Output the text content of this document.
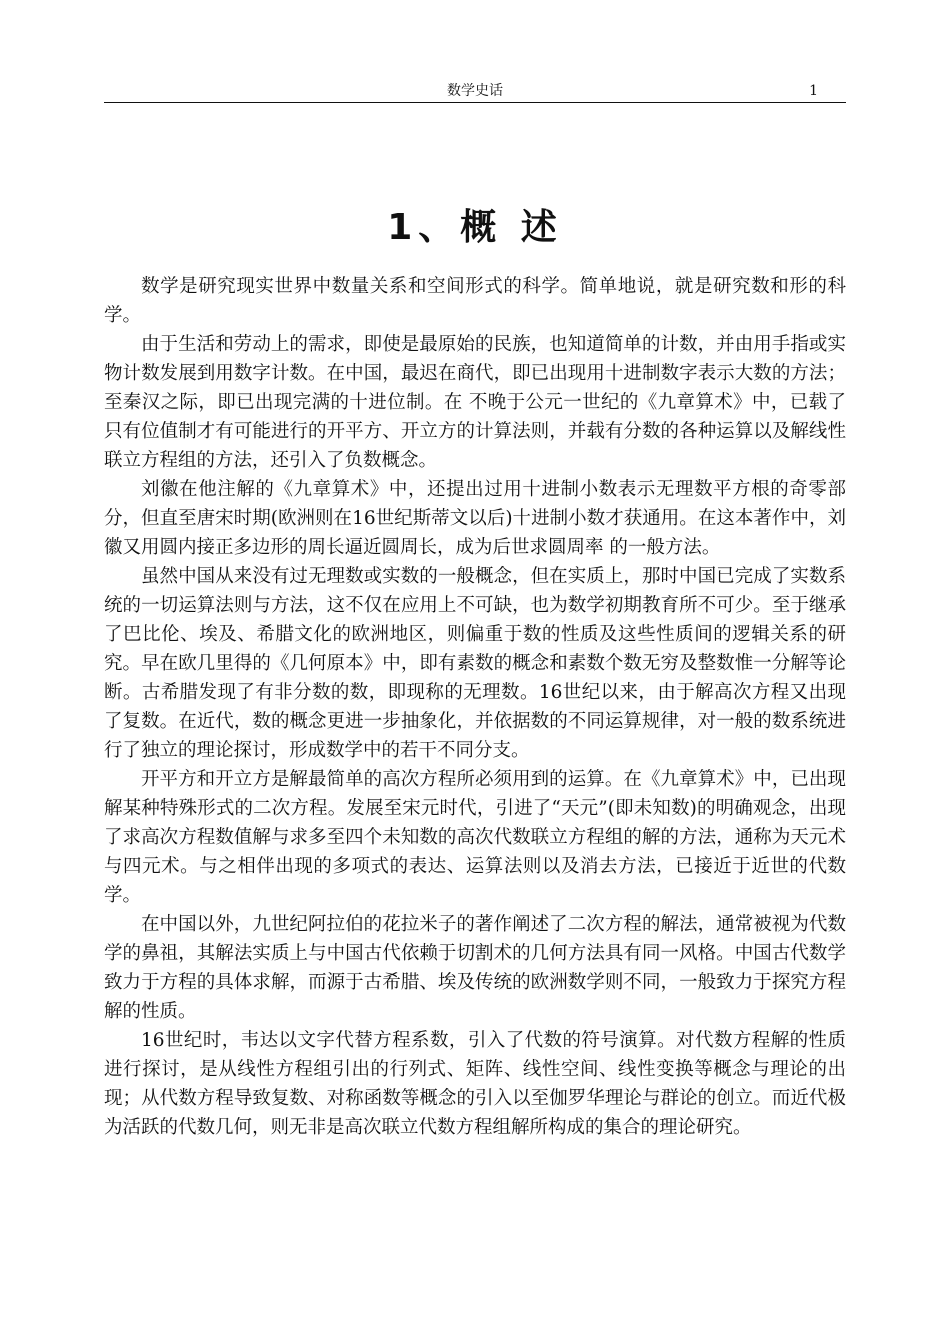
数学史话	1
1、概 述

数学是研究现实世界中数量关系和空间形式的科学。简单地说，就是研究数和形的科学。

由于生活和劳动上的需求，即使是最原始的民族，也知道简单的计数，并由用手指或实物计数发展到用数字计数。在中国，最迟在商代，即已出现用十进制数字表示大数的方法；至秦汉之际，即已出现完满的十进位制。在 不晚于公元一世纪的《九章算术》中，已载了只有位值制才有可能进行的开平方、开立方的计算法则，并载有分数的各种运算以及解线性联立方程组的方法，还引入了负数概念。

刘徽在他注解的《九章算术》中，还提出过用十进制小数表示无理数平方根的奇零部分，但直至唐宋时期(欧洲则在16世纪斯蒂文以后)十进制小数才获通用。在这本著作中，刘徽又用圆内接正多边形的周长逼近圆周长，成为后世求圆周率 的一般方法。

虽然中国从来没有过无理数或实数的一般概念，但在实质上，那时中国已完成了实数系统的一切运算法则与方法，这不仅在应用上不可缺，也为数学初期教育所不可少。至于继承了巴比伦、埃及、希腊文化的欧洲地区，则偏重于数的性质及这些性质间的逻辑关系的研究。早在欧几里得的《几何原本》中，即有素数的概念和素数个数无穷及整数惟一分解等论断。古希腊发现了有非分数的数，即现称的无理数。16世纪以来，由于解高次方程又出现了复数。在近代，数的概念更进一步抽象化，并依据数的不同运算规律，对一般的数系统进行了独立的理论探讨，形成数学中的若干不同分支。

开平方和开立方是解最简单的高次方程所必须用到的运算。在《九章算术》中，已出现解某种特殊形式的二次方程。发展至宋元时代，引进了“天元”(即未知数)的明确观念，出现了求高次方程数值解与求多至四个未知数的高次代数联立方程组的解的方法，通称为天元术与四元术。与之相伴出现的多项式的表达、运算法则以及消去方法，已接近于近世的代数学。

在中国以外，九世纪阿拉伯的花拉米子的著作阐述了二次方程的解法，通常被视为代数学的鼻祖，其解法实质上与中国古代依赖于切割术的几何方法具有同一风格。中国古代数学致力于方程的具体求解，而源于古希腊、埃及传统的欧洲数学则不同，一般致力于探究方程解的性质。

16世纪时，韦达以文字代替方程系数，引入了代数的符号演算。对代数方程解的性质进行探讨，是从线性方程组引出的行列式、矩阵、线性空间、线性变换等概念与理论的出现；从代数方程导致复数、对称函数等概念的引入以至伽罗华理论与群论的创立。而近代极为活跃的代数几何，则无非是高次联立代数方程组解所构成的集合的理论研究。
